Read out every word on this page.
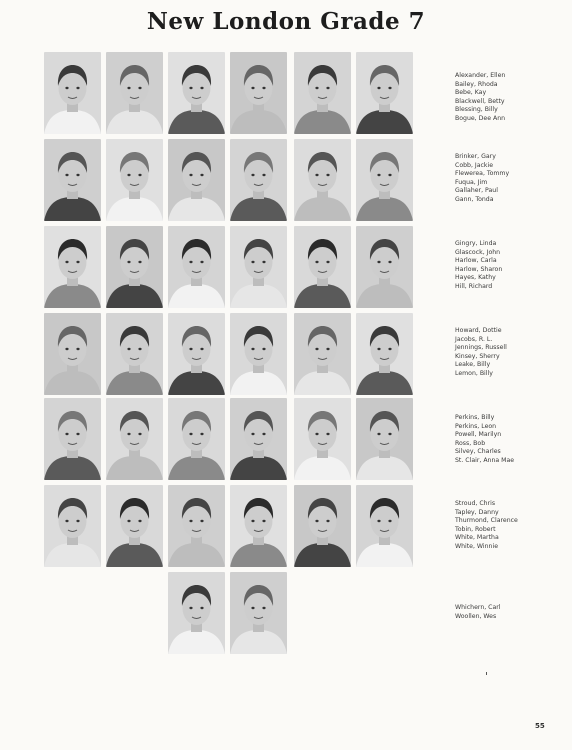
New London Grade 7
Alexander, Ellen
Bailey, Rhoda
Bebe, Kay
Blackwell, Betty
Blessing, Billy
Bogue, Dee Ann
Brinker, Gary
Cobb, Jackie
Flewerea, Tommy
Fuqua, Jim
Gallaher, Paul
Gann, Tonda
Gingry, Linda
Glascock, John
Harlow, Carla
Harlow, Sharon
Hayes, Kathy
Hill, Richard
Howard, Dottie
Jacobs, R. L.
Jennings, Russell
Kinsey, Sherry
Leake, Billy
Lemon, Billy
Perkins, Billy
Perkins, Leon
Powell, Marilyn
Ross, Bob
Silvey, Charles
St. Clair, Anna Mae
Stroud, Chris
Tapley, Danny
Thurmond, Clarence
Tobin, Robert
White, Martha
White, Winnie
Whichern, Carl
Woollen, Wes
55
